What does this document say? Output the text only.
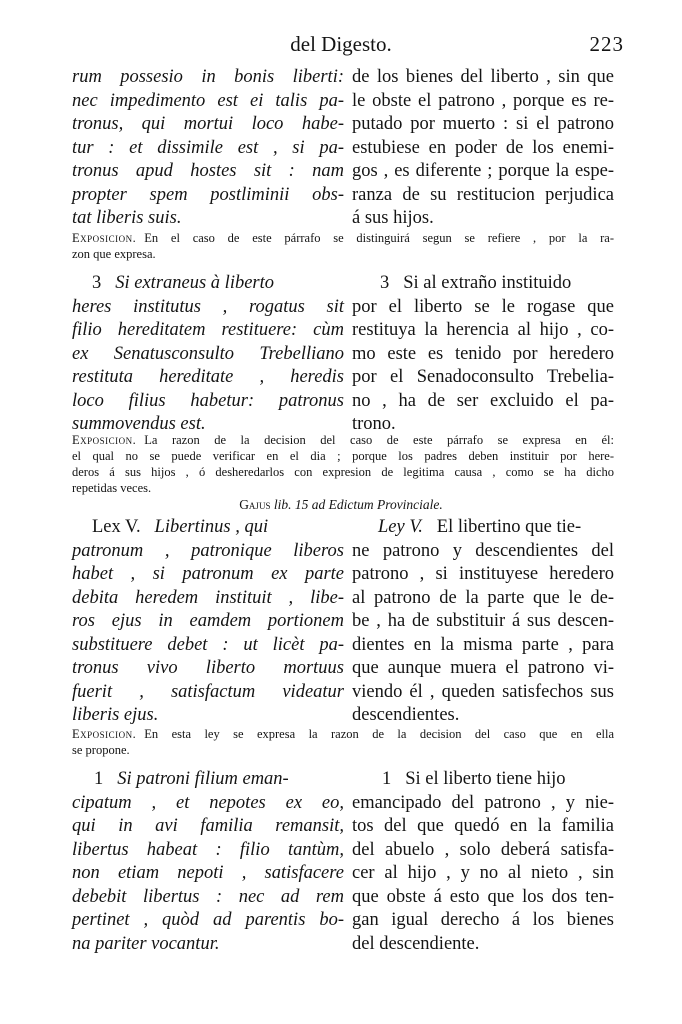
del Digesto.	223
rum possesio in bonis liberti:
nec impedimento est ei talis pa-
tronus, qui mortui loco habe-
tur : et dissimile est , si pa-
tronus apud hostes sit : nam
propter spem postliminii obs-
tat liberis suis.
de los bienes del liberto , sin que
le obste el patrono , porque es re-
putado por muerto : si el patrono
estubiese en poder de los enemi-
gos , es diferente ; porque la espe-
ranza de su restitucion perjudica
á sus hijos.
Exposicion. En el caso de este párrafo se distinguirá segun se refiere , por la ra-
zon que expresa.
3 Si extraneus à liberto
heres institutus , rogatus sit
filio hereditatem restituere: cùm
ex Senatusconsulto Trebelliano
restituta hereditate , heredis
loco filius habetur: patronus
summovendus est.
3 Si al extraño instituido
por el liberto se le rogase que
restituya la herencia al hijo , co-
mo este es tenido por heredero
por el Senadoconsulto Trebelia-
no , ha de ser excluido el pa-
trono.
Exposicion. La razon de la decision del caso de este párrafo se expresa en él:
el qual no se puede verificar en el dia ; porque los padres deben instituir por here-
deros á sus hijos , ó desheredarlos con expresion de legitima causa , como se ha dicho
repetidas veces.
Gajus lib. 15 ad Edictum Provinciale.
Lex V. Libertinus , qui
patronum , patronique liberos
habet , si patronum ex parte
debita heredem instituit , libe-
ros ejus in eamdem portionem
substituere debet : ut licèt pa-
tronus vivo liberto mortuus
fuerit , satisfactum videatur
liberis ejus.
Ley V. El libertino que tie-
ne patrono y descendientes del
patrono , si instituyese heredero
al patrono de la parte que le de-
be , ha de substituir á sus descen-
dientes en la misma parte , para
que aunque muera el patrono vi-
viendo él , queden satisfechos sus
descendientes.
Exposicion. En esta ley se expresa la razon de la decision del caso que en ella
se propone.
1 Si patroni filium eman-
cipatum , et nepotes ex eo,
qui in avi familia remansit,
libertus habeat : filio tantùm,
non etiam nepoti , satisfacere
debebit libertus : nec ad rem
pertinet , quòd ad parentis bo-
na pariter vocantur.
1 Si el liberto tiene hijo
emancipado del patrono , y nie-
tos del que quedó en la familia
del abuelo , solo deberá satisfa-
cer al hijo , y no al nieto , sin
que obste á esto que los dos ten-
gan igual derecho á los bienes
del descendiente.
